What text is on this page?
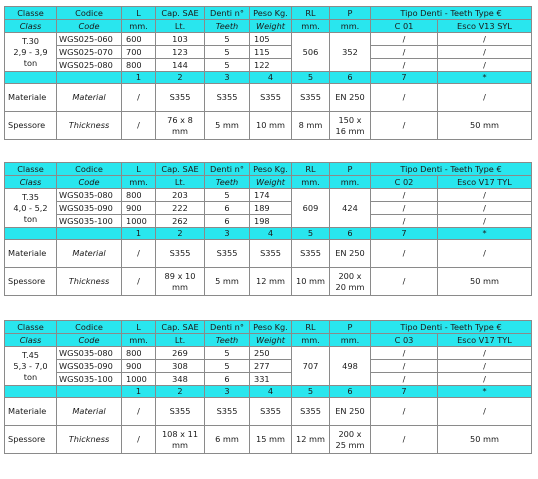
Classe	Codice	L	Cap. SAE	Denti n°	Peso Kg.	RL	P	Tipo Denti - Teeth Type €	
Class	Code	mm.	Lt.	Teeth	Weight	mm.	mm.	C 01	Esco V13 SYL
T.30
2,9 - 3,9
ton	WGS025-060	600	103	5	105	506	352	/	/
	WGS025-070	700	123	5	115			/	/
	WGS025-080	800	144	5	122			/	/
		1	2	3	4	5	6	7	*
Materiale	Material	/	S355	S355	S355	S355	EN 250	/	/
Spessore	Thickness	/	76 x 8 mm	5 mm	10 mm	8 mm	150 x 16 mm	/	50 mm
Classe	Codice	L	Cap. SAE	Denti n°	Peso Kg.	RL	P	Tipo Denti - Teeth Type €	
Class	Code	mm.	Lt.	Teeth	Weight	mm.	mm.	C 02	Esco V17 TYL
T.35
4,0 - 5,2
ton	WGS035-080	800	203	5	174	609	424	/	/
	WGS035-090	900	222	6	189			/	/
	WGS035-100	1000	262	6	198			/	/
		1	2	3	4	5	6	7	*
Materiale	Material	/	S355	S355	S355	S355	EN 250	/	/
Spessore	Thickness	/	89 x 10 mm	5 mm	12 mm	10 mm	200 x 20 mm	/	50 mm
Classe	Codice	L	Cap. SAE	Denti n°	Peso Kg.	RL	P	Tipo Denti - Teeth Type €	
Class	Code	mm.	Lt.	Teeth	Weight	mm.	mm.	C 03	Esco V17 TYL
T.45
5,3 - 7,0
ton	WGS035-080	800	269	5	250	707	498	/	/
	WGS035-090	900	308	5	277			/	/
	WGS035-100	1000	348	6	331			/	/
		1	2	3	4	5	6	7	*
Materiale	Material	/	S355	S355	S355	S355	EN 250	/	/
Spessore	Thickness	/	108 x 11 mm	6 mm	15 mm	12 mm	200 x 25 mm	/	50 mm
